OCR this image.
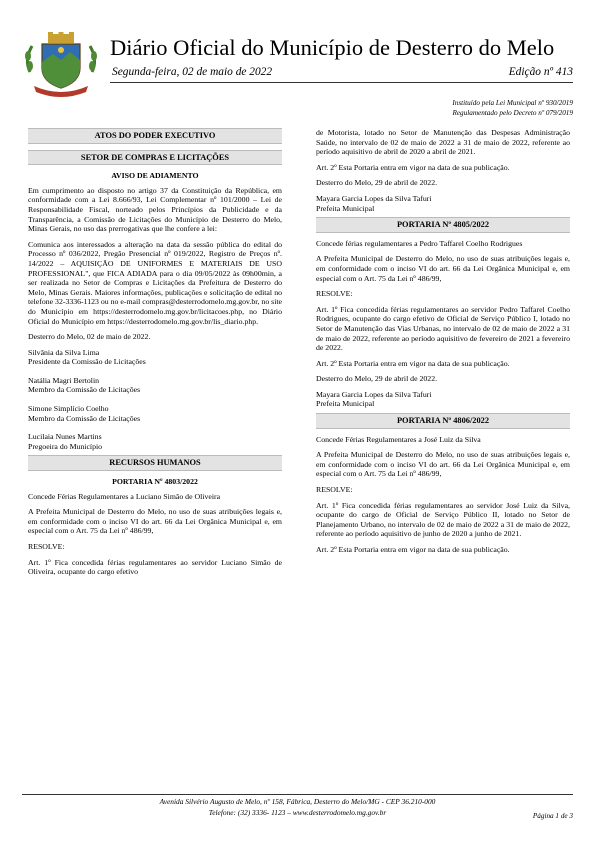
Diário Oficial do Município de Desterro do Melo
Segunda-feira, 02 de maio de 2022	Edição nº 413
Instituído pela Lei Municipal nº 930/2019
Regulamentado pelo Decreto nº 079/2019
ATOS DO PODER EXECUTIVO
SETOR DE COMPRAS E LICITAÇÕES
AVISO DE ADIAMENTO

Em cumprimento ao disposto no artigo 37 da Constituição da República, em conformidade com a Lei 8.666/93, Lei Complementar nº 101/2000 – Lei de Responsabilidade Fiscal, norteado pelos Princípios da Publicidade e da Transparência, a Comissão de Licitações do Município de Desterro do Melo, Minas Gerais, no uso das prerrogativas que lhe confere a lei:

Comunica aos interessados a alteração na data da sessão pública do edital do Processo nº 036/2022, Pregão Presencial nº 019/2022, Registro de Preços nº. 14/2022 – AQUISIÇÃO DE UNIFORMES E MATERIAIS DE USO PROFESSIONAL", que FICA ADIADA para o dia 09/05/2022 às 09h00min, a ser realizada no Setor de Compras e Licitações da Prefeitura de Desterro do Melo, Minas Gerais. Maiores informações, publicações e solicitação de edital no telefone 32-3336-1123 ou no e-mail compras@desterrodomelo.mg.gov.br, no site do Município em https://desterrodomelo.mg.gov.br/licitacoes.php, no Diário Oficial do Município em https://desterrodomelo.mg.gov.br/lis_diario.php.

Desterro do Melo, 02 de maio de 2022.

Silvânia da Silva Lima
Presidente da Comissão de Licitações
Natália Magri Bertolin
Membro da Comissão de Licitações
Simone Simplício Coelho
Membro da Comissão de Licitações
Lucilaia Nunes Martins
Pregoeira do Município
RECURSOS HUMANOS
PORTARIA Nº 4803/2022

Concede Férias Regulamentares a Luciano Simão de Oliveira

A Prefeita Municipal de Desterro do Melo, no uso de suas atribuições legais e, em conformidade com o inciso VI do art. 66 da Lei Orgânica Municipal e, em especial com o Art. 75 da Lei nº 486/99,

RESOLVE:

Art. 1º Fica concedida férias regulamentares ao servidor Luciano Simão de Oliveira, ocupante do cargo efetivo

de Motorista, lotado no Setor de Manutenção das Despesas Administração Saúde, no intervalo de 02 de maio de 2022 a 31 de maio de 2022, referente ao período aquisitivo de abril de 2020 a abril de 2021.

Art. 2º Esta Portaria entra em vigor na data de sua publicação.

Desterro do Melo, 29 de abril de 2022.

Mayara Garcia Lopes da Silva Tafuri
Prefeita Municipal
PORTARIA Nº 4805/2022

Concede férias regulamentares a Pedro Taffarel Coelho Rodrigues

A Prefeita Municipal de Desterro do Melo, no uso de suas atribuições legais e, em conformidade com o inciso VI do art. 66 da Lei Orgânica Municipal e, em especial com o Art. 75 da Lei nº 486/99,

RESOLVE:

Art. 1º Fica concedida férias regulamentares ao servidor Pedro Taffarel Coelho Rodrigues, ocupante do cargo efetivo de Oficial de Serviço Público I, lotado no Setor de Manutenção das Vias Urbanas, no intervalo de 02 de maio de 2022 a 31 de maio de 2022, referente ao período aquisitivo de fevereiro de 2021 a fevereiro de 2022.

Art. 2º Esta Portaria entra em vigor na data de sua publicação.

Desterro do Melo, 29 de abril de 2022.

Mayara Garcia Lopes da Silva Tafuri
Prefeita Municipal
PORTARIA Nº 4806/2022

Concede Férias Regulamentares a José Luiz da Silva

A Prefeita Municipal de Desterro do Melo, no uso de suas atribuições legais e, em conformidade com o inciso VI do art. 66 da Lei Orgânica Municipal e, em especial com o Art. 75 da Lei nº 486/99,

RESOLVE:

Art. 1º Fica concedida férias regulamentares ao servidor José Luiz da Silva, ocupante do cargo de Oficial de Serviço Público II, lotado no Setor de Planejamento Urbano, no intervalo de 02 de maio de 2022 a 31 de maio de 2022, referente ao período aquisitivo de junho de 2020 a junho de 2021.

Art. 2º Esta Portaria entra em vigor na data de sua publicação.

Avenida Silvério Augusto de Melo, nº 158, Fábrica, Desterro do Melo/MG - CEP 36.210-000
Telefone: (32) 3336- 1123 – www.desterrodomelo.mg.gov.br	Página 1 de 3
